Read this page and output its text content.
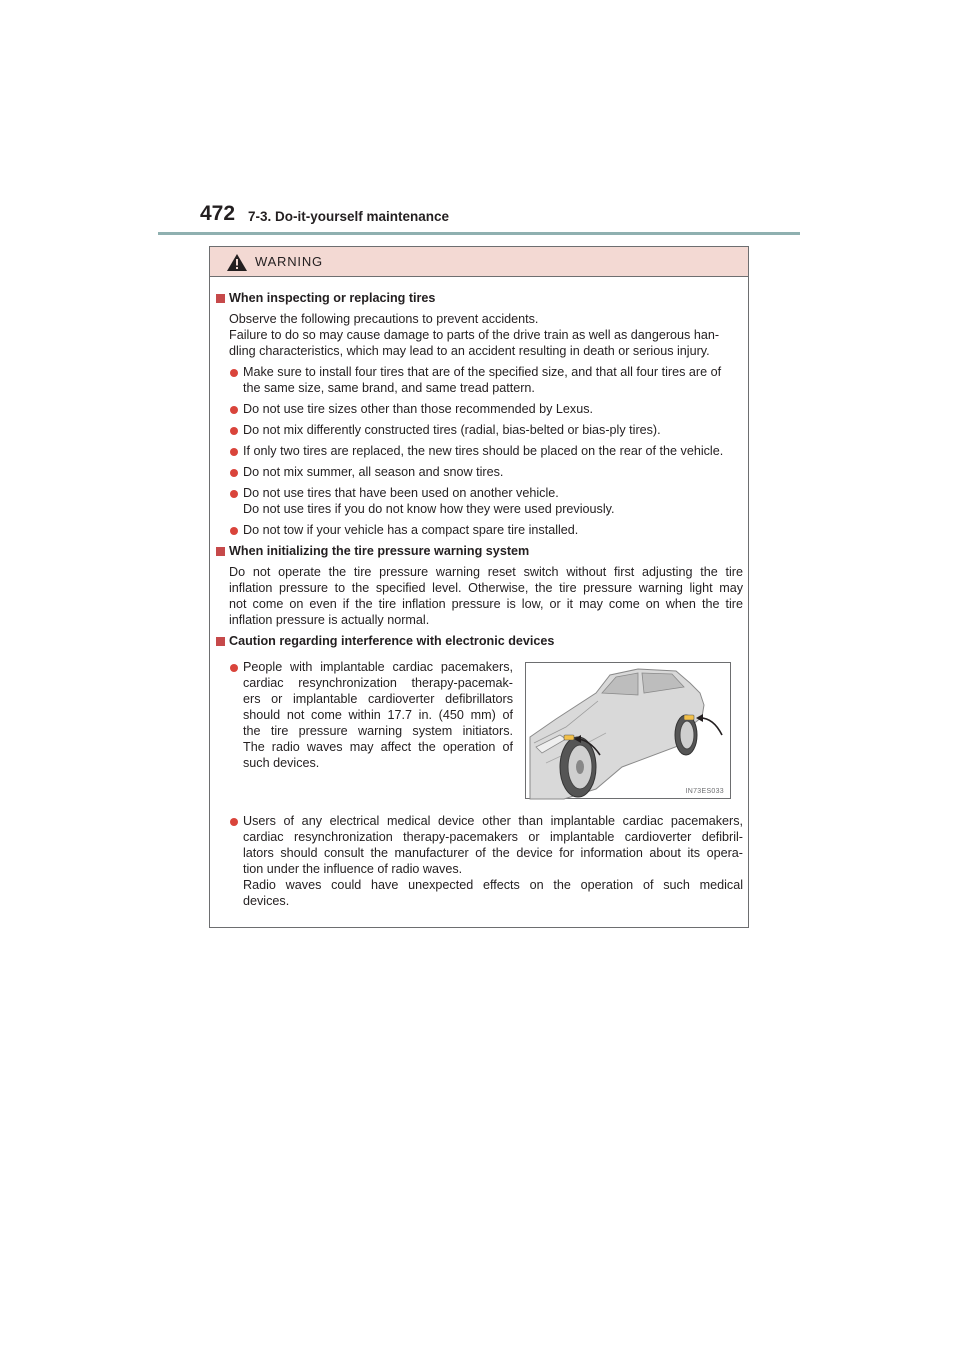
472 7-3. Do-it-yourself maintenance
WARNING
When inspecting or replacing tires
Observe the following precautions to prevent accidents.
Failure to do so may cause damage to parts of the drive train as well as dangerous han-
dling characteristics, which may lead to an accident resulting in death or serious injury.
Make sure to install four tires that are of the specified size, and that all four tires are of
the same size, same brand, and same tread pattern.
Do not use tire sizes other than those recommended by Lexus.
Do not mix differently constructed tires (radial, bias-belted or bias-ply tires).
If only two tires are replaced, the new tires should be placed on the rear of the vehicle.
Do not mix summer, all season and snow tires.
Do not use tires that have been used on another vehicle.
Do not use tires if you do not know how they were used previously.
Do not tow if your vehicle has a compact spare tire installed.
When initializing the tire pressure warning system
Do not operate the tire pressure warning reset switch without first adjusting the tire
inflation pressure to the specified level. Otherwise, the tire pressure warning light may
not come on even if the tire inflation pressure is low, or it may come on when the tire
inflation pressure is actually normal.
Caution regarding interference with electronic devices
People with implantable cardiac pacemakers,
cardiac resynchronization therapy-pacemak-
ers or implantable cardioverter defibrillators
should not come within 17.7 in. (450 mm) of
the tire pressure warning system initiators.
The radio waves may affect the operation of
such devices.
IN73ES033
Users of any electrical medical device other than implantable cardiac pacemakers,
cardiac resynchronization therapy-pacemakers or implantable cardioverter defibril-
lators should consult the manufacturer of the device for information about its opera-
tion under the influence of radio waves.
Radio waves could have unexpected effects on the operation of such medical
devices.
